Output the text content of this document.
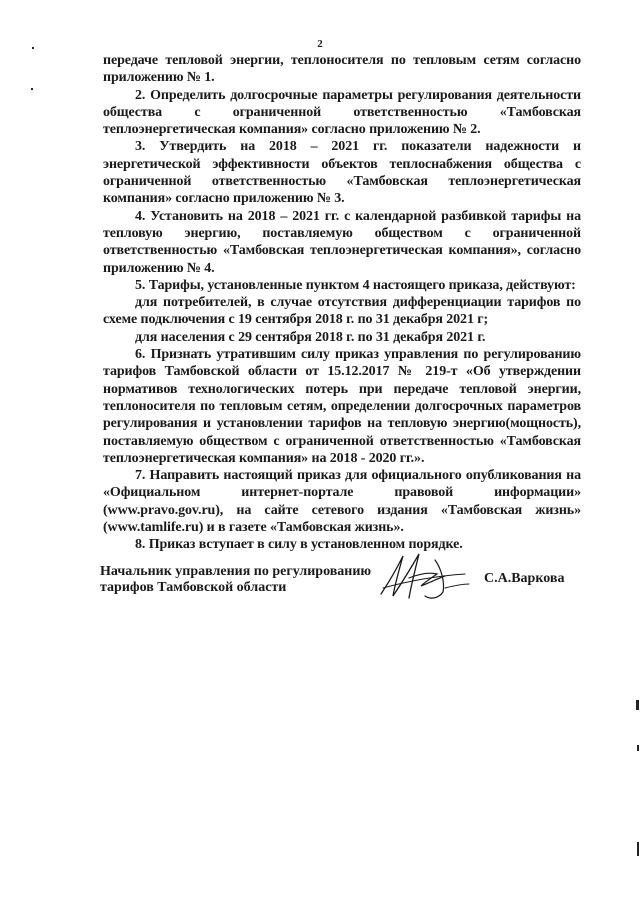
2

передаче тепловой энергии, теплоносителя по тепловым сетям согласно приложению № 1.

2. Определить долгосрочные параметры регулирования деятельности общества с ограниченной ответственностью «Тамбовская теплоэнергетическая компания» согласно приложению № 2.

3. Утвердить на 2018 – 2021 гг. показатели надежности и энергетической эффективности объектов теплоснабжения общества с ограниченной ответственностью «Тамбовская теплоэнергетическая компания» согласно приложению № 3.

4. Установить на 2018 – 2021 гг. с календарной разбивкой тарифы на тепловую энергию, поставляемую обществом с ограниченной ответственностью «Тамбовская теплоэнергетическая компания», согласно приложению № 4.

5. Тарифы, установленные пунктом 4 настоящего приказа, действуют:

для потребителей, в случае отсутствия дифференциации тарифов по схеме подключения с 19 сентября 2018 г. по 31 декабря 2021 г;

для населения с 29 сентября 2018 г. по 31 декабря 2021 г.

6. Признать утратившим силу приказ управления по регулированию тарифов Тамбовской области от 15.12.2017 № 219-т «Об утверждении нормативов технологических потерь при передаче тепловой энергии, теплоносителя по тепловым сетям, определении долгосрочных параметров регулирования и установлении тарифов на тепловую энергию(мощность), поставляемую обществом с ограниченной ответственностью «Тамбовская теплоэнергетическая компания» на 2018 - 2020 гг.».

7. Направить настоящий приказ для официального опубликования на «Официальном интернет-портале правовой информации» (www.pravo.gov.ru), на сайте сетевого издания «Тамбовская жизнь» (www.tamlife.ru) и в газете «Тамбовская жизнь».

8. Приказ вступает в силу в установленном порядке.

Начальник управления по регулированию
тарифов Тамбовской области
С.А.Варкова
